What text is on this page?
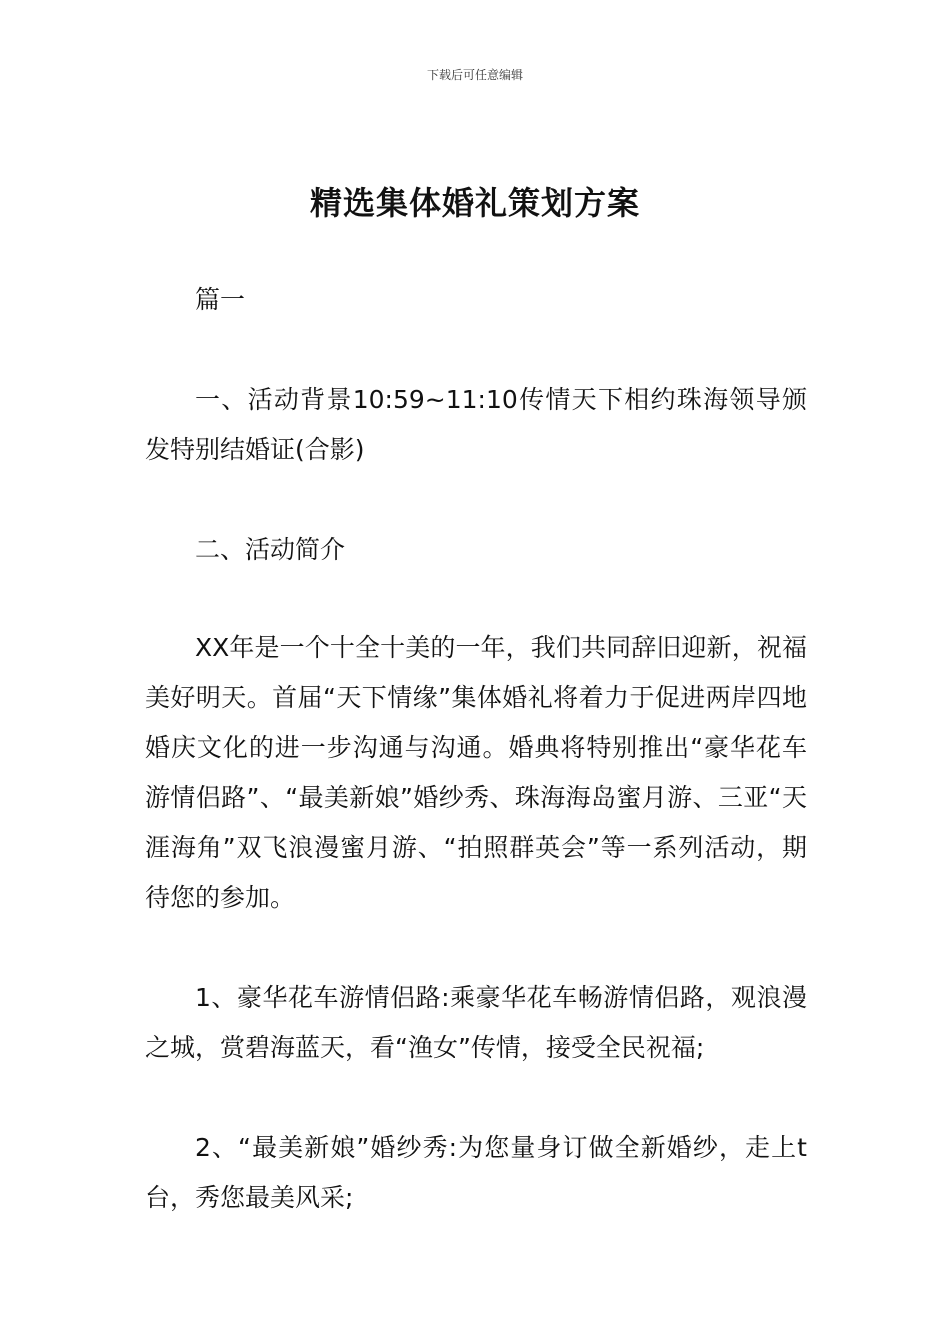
下载后可任意编辑
精选集体婚礼策划方案

篇一

一、活动背景10:59~11:10传情天下相约珠海领导颁发特别结婚证(合影)

二、活动简介

XX年是一个十全十美的一年，我们共同辞旧迎新，祝福美好明天。首届“天下情缘”集体婚礼将着力于促进两岸四地婚庆文化的进一步沟通与沟通。婚典将特别推出“豪华花车游情侣路”、“最美新娘”婚纱秀、珠海海岛蜜月游、三亚“天涯海角”双飞浪漫蜜月游、“拍照群英会”等一系列活动，期待您的参加。

1、豪华花车游情侣路:乘豪华花车畅游情侣路，观浪漫之城，赏碧海蓝天，看“渔女”传情，接受全民祝福;

2、“最美新娘”婚纱秀:为您量身订做全新婚纱，走上t台，秀您最美风采;
